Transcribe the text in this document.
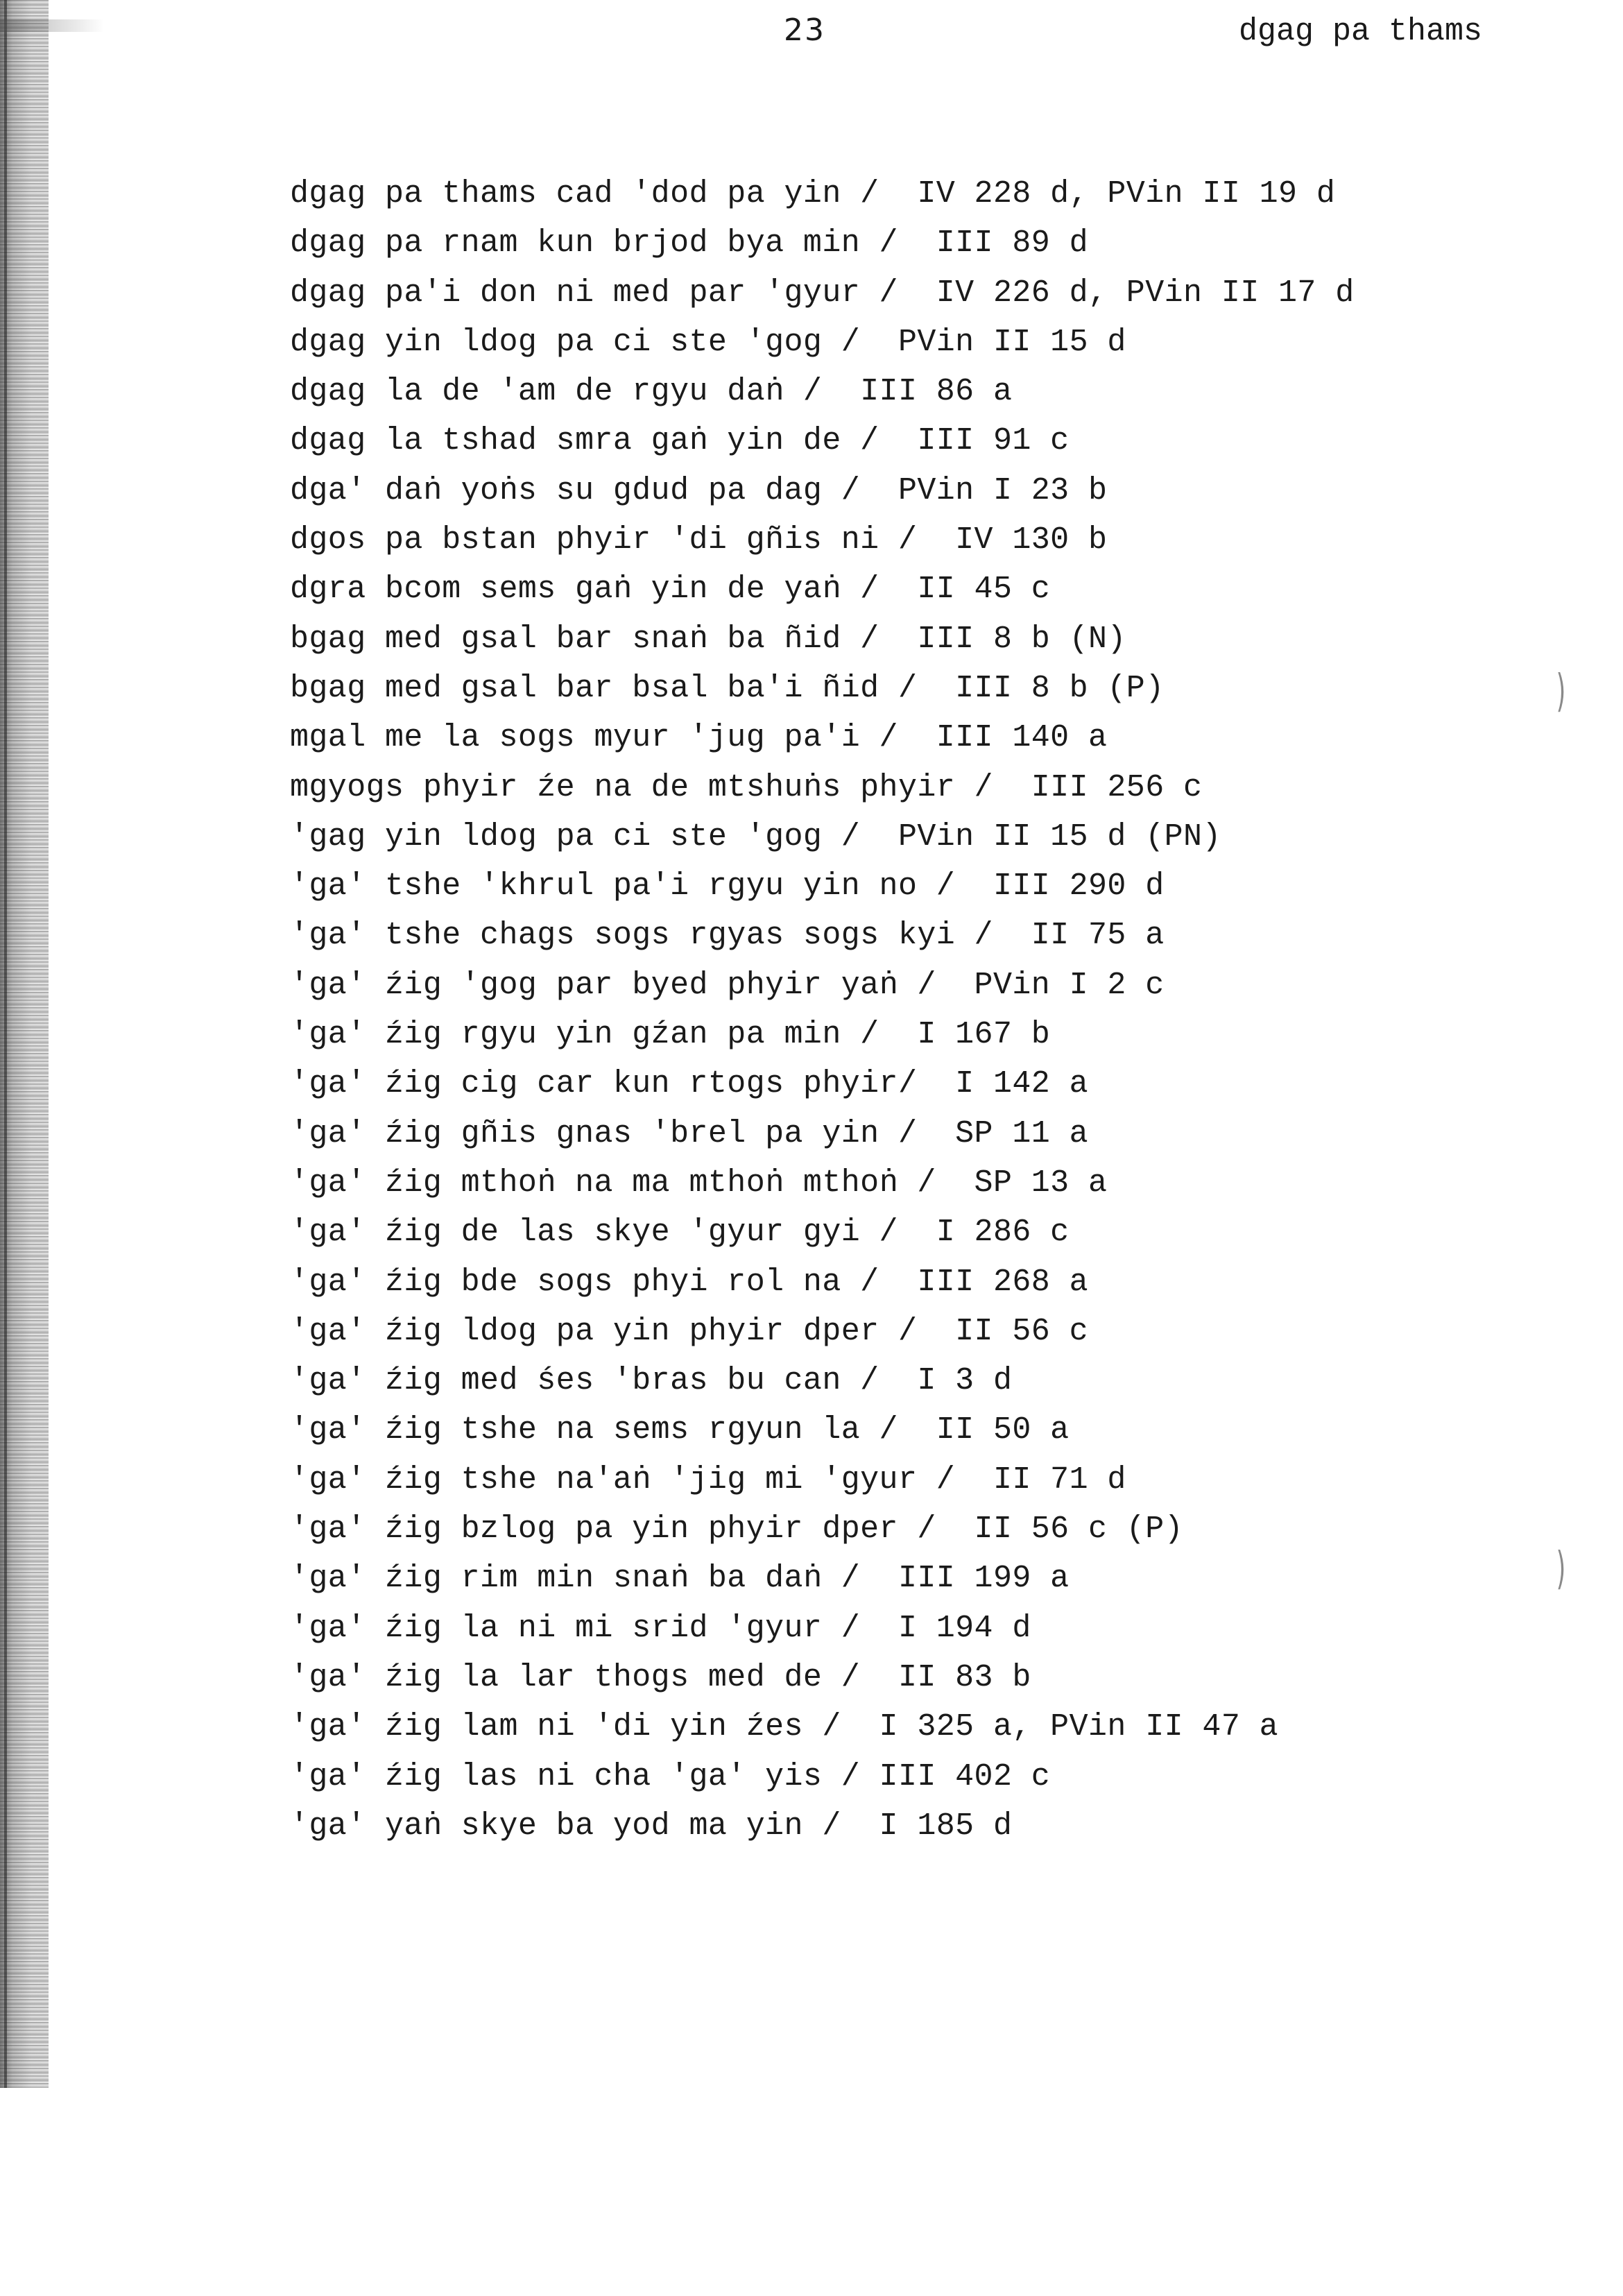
23	dgag pa thams
dgag pa thams cad 'dod pa yin /  IV 228 d, PVin II 19 d
dgag pa rnam kun brjod bya min /  III 89 d
dgag pa'i don ni med par 'gyur /  IV 226 d, PVin II 17 d
dgag yin ldog pa ci ste 'gog /  PVin II 15 d
dgag la de 'am de rgyu daṅ /  III 86 a
dgag la tshad smra gaṅ yin de /  III 91 c
dga' daṅ yoṅs su gdud pa dag /  PVin I 23 b
dgos pa bstan phyir 'di gñis ni /  IV 130 b
dgra bcom sems gaṅ yin de yaṅ /  II 45 c
bgag med gsal bar snaṅ ba ñid /  III 8 b (N)
bgag med gsal bar bsal ba'i ñid /  III 8 b (P)
mgal me la sogs myur 'jug pa'i /  III 140 a
mgyogs phyir źe na de mtshuṅs phyir /  III 256 c
'gag yin ldog pa ci ste 'gog /  PVin II 15 d (PN)
'ga' tshe 'khrul pa'i rgyu yin no /  III 290 d
'ga' tshe chags sogs rgyas sogs kyi /  II 75 a
'ga' źig 'gog par byed phyir yaṅ /  PVin I 2 c
'ga' źig rgyu yin gźan pa min /  I 167 b
'ga' źig cig car kun rtogs phyir/  I 142 a
'ga' źig gñis gnas 'brel pa yin /  SP 11 a
'ga' źig mthoṅ na ma mthoṅ mthoṅ /  SP 13 a
'ga' źig de las skye 'gyur gyi /  I 286 c
'ga' źig bde sogs phyi rol na /  III 268 a
'ga' źig ldog pa yin phyir dper /  II 56 c
'ga' źig med śes 'bras bu can /  I 3 d
'ga' źig tshe na sems rgyun la /  II 50 a
'ga' źig tshe na'aṅ 'jig mi 'gyur /  II 71 d
'ga' źig bzlog pa yin phyir dper /  II 56 c (P)
'ga' źig rim min snaṅ ba daṅ /  III 199 a
'ga' źig la ni mi srid 'gyur /  I 194 d
'ga' źig la lar thogs med de /  II 83 b
'ga' źig lam ni 'di yin źes /  I 325 a, PVin II 47 a
'ga' źig las ni cha 'ga' yis / III 402 c
'ga' yaṅ skye ba yod ma yin /  I 185 d
)
)
